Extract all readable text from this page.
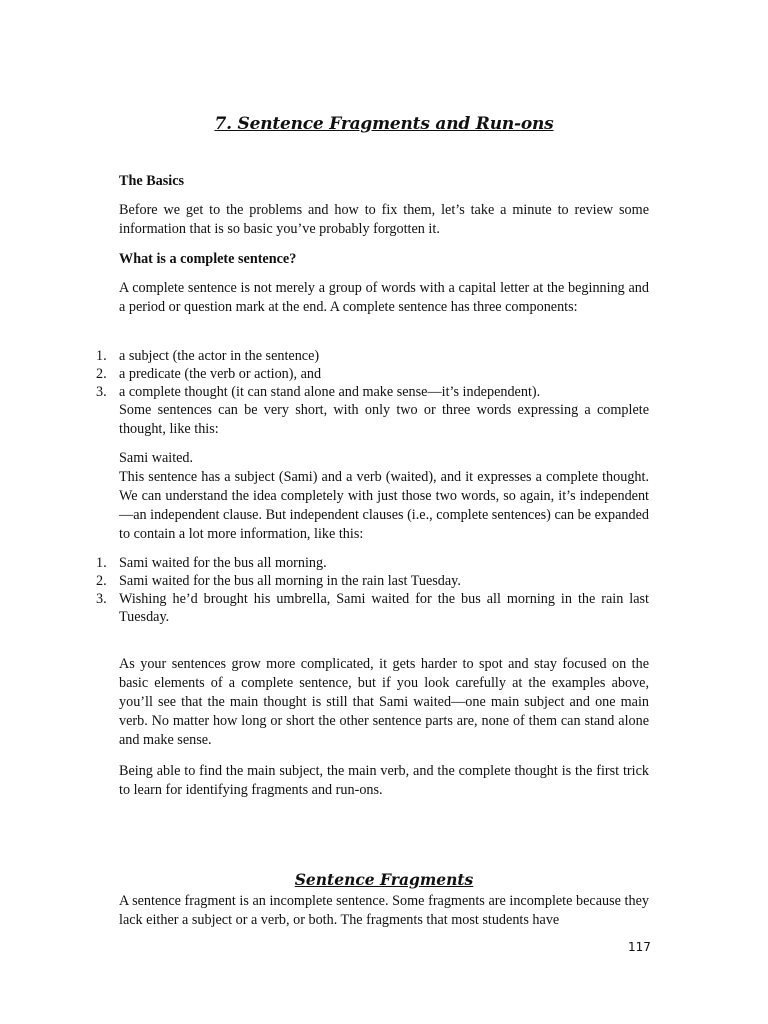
7. Sentence Fragments and Run-ons

The Basics

Before we get to the problems and how to fix them, let’s take a minute to review some information that is so basic you’ve probably forgotten it.

What is a complete sentence?

A complete sentence is not merely a group of words with a capital letter at the beginning and a period or question mark at the end. A complete sentence has three components:

1. a subject (the actor in the sentence)
2. a predicate (the verb or action), and
3. a complete thought (it can stand alone and make sense—it’s independent).

Some sentences can be very short, with only two or three words expressing a complete thought, like this:

Sami waited.

This sentence has a subject (Sami) and a verb (waited), and it expresses a complete thought. We can understand the idea completely with just those two words, so again, it’s independent—an independent clause. But independent clauses (i.e., complete sentences) can be expanded to contain a lot more information, like this:

1. Sami waited for the bus all morning.
2. Sami waited for the bus all morning in the rain last Tuesday.
3. Wishing he’d brought his umbrella, Sami waited for the bus all morning in the rain last Tuesday.

As your sentences grow more complicated, it gets harder to spot and stay focused on the basic elements of a complete sentence, but if you look carefully at the examples above, you’ll see that the main thought is still that Sami waited—one main subject and one main verb. No matter how long or short the other sentence parts are, none of them can stand alone and make sense.

Being able to find the main subject, the main verb, and the complete thought is the first trick to learn for identifying fragments and run-ons.

Sentence Fragments

A sentence fragment is an incomplete sentence. Some fragments are incomplete because they lack either a subject or a verb, or both. The fragments that most students have

117
